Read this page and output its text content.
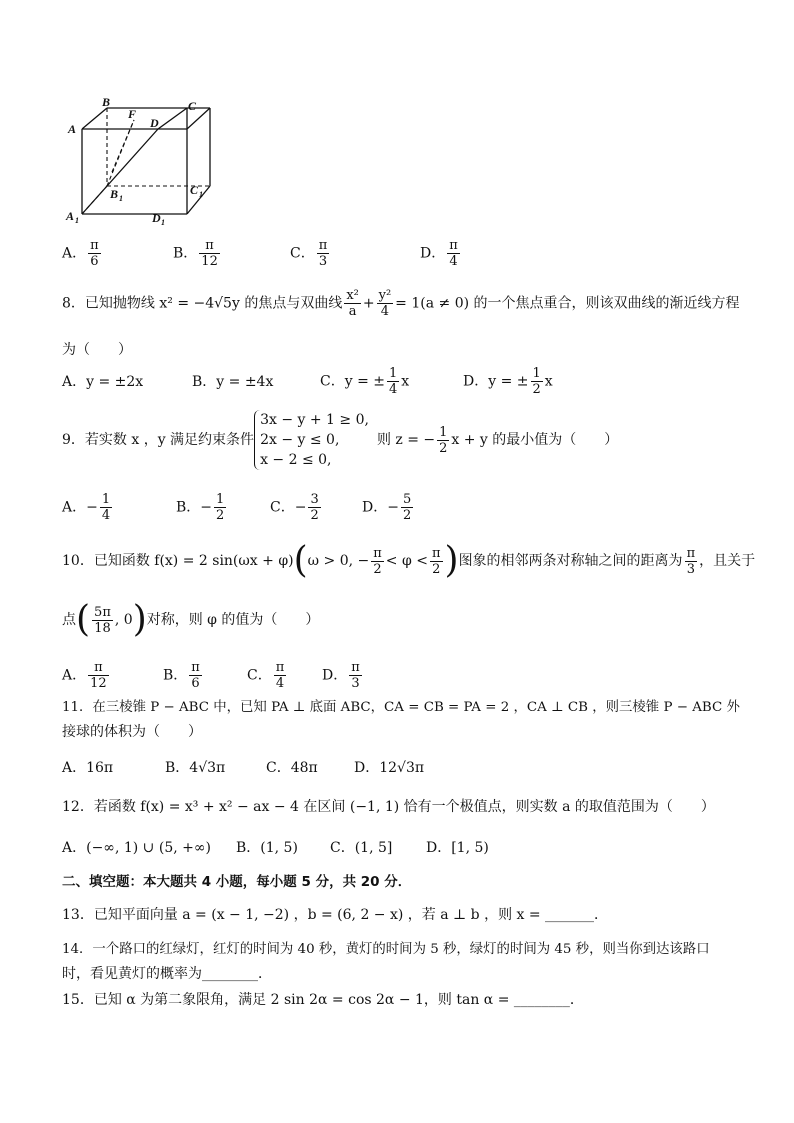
A
B
F
D
C
B 1
C 1
A 1	D 1
A． $\frac{\pi}{6}$	B． $\frac{\pi}{12}$	C． $\frac{\pi}{3}$	D． $\frac{\pi}{4}$
8．已知抛物线 x² = −4√5y 的焦点与双曲线 $\frac{\text{x²}}{a} + \frac{\text{y²}}{4} = 1(a \ne 0)$ 的一个焦点重合，则该双曲线的渐近线方程
为（　　）
A．y = ±2x	B．y = ±4x	C．y = ± $\frac{1}{4}$ x	D．y = ± $\frac{1}{2}$ x
9．若实数 x ，y 满足约束条件
3x − y + 1 ≥ 0,
2x − y ≤ 0,
x − 2 ≤ 0,
则 z = − $\frac{1}{2}$ x + y 的最小值为（　　）
A．− $\frac{1}{4}$	B．− $\frac{1}{2}$	C．− $\frac{3}{2}$	D．− $\frac{5}{2}$
10．已知函数 f(x) = 2 sin(ωx + φ)(ω > 0, − $\frac{\pi}{2} < \varphi < \frac{\pi}{2}$ )图象的相邻两条对称轴之间的距离为 $\frac{\pi}{3}$ ，且关于
点( $\frac{5\pi}{18}$ , 0)对称，则 φ 的值为（　　）
A． $\frac{\pi}{12}$	B． $\frac{\pi}{6}$	C． $\frac{\pi}{4}$	D． $\frac{\pi}{3}$
11．在三棱锥 P − ABC 中，已知 PA ⊥ 底面 ABC，CA = CB = PA = 2 ，CA ⊥ CB ，则三棱锥 P − ABC 外
接球的体积为（　　）
A．16π	B．4√3π	C．48π	D．12√3π
12．若函数 f(x) = x³ + x² − ax − 4 在区间 (−1, 1) 恰有一个极值点，则实数 a 的取值范围为（　　）
A．(−∞, 1) ∪ (5, +∞) B．(1, 5) C．(1, 5] D．[1, 5)
二、填空题：本大题共 4 小题，每小题 5 分，共 20 分．
13．已知平面向量 a = (x − 1, −2) ，b = (6, 2 − x) ，若 a ⊥ b ，则 x = _______．
14．一个路口的红绿灯，红灯的时间为 40 秒，黄灯的时间为 5 秒，绿灯的时间为 45 秒，则当你到达该路口
时，看见黄灯的概率为________．
15．已知 α 为第二象限角，满足 2 sin 2α = cos 2α − 1，则 tan α = ________．
